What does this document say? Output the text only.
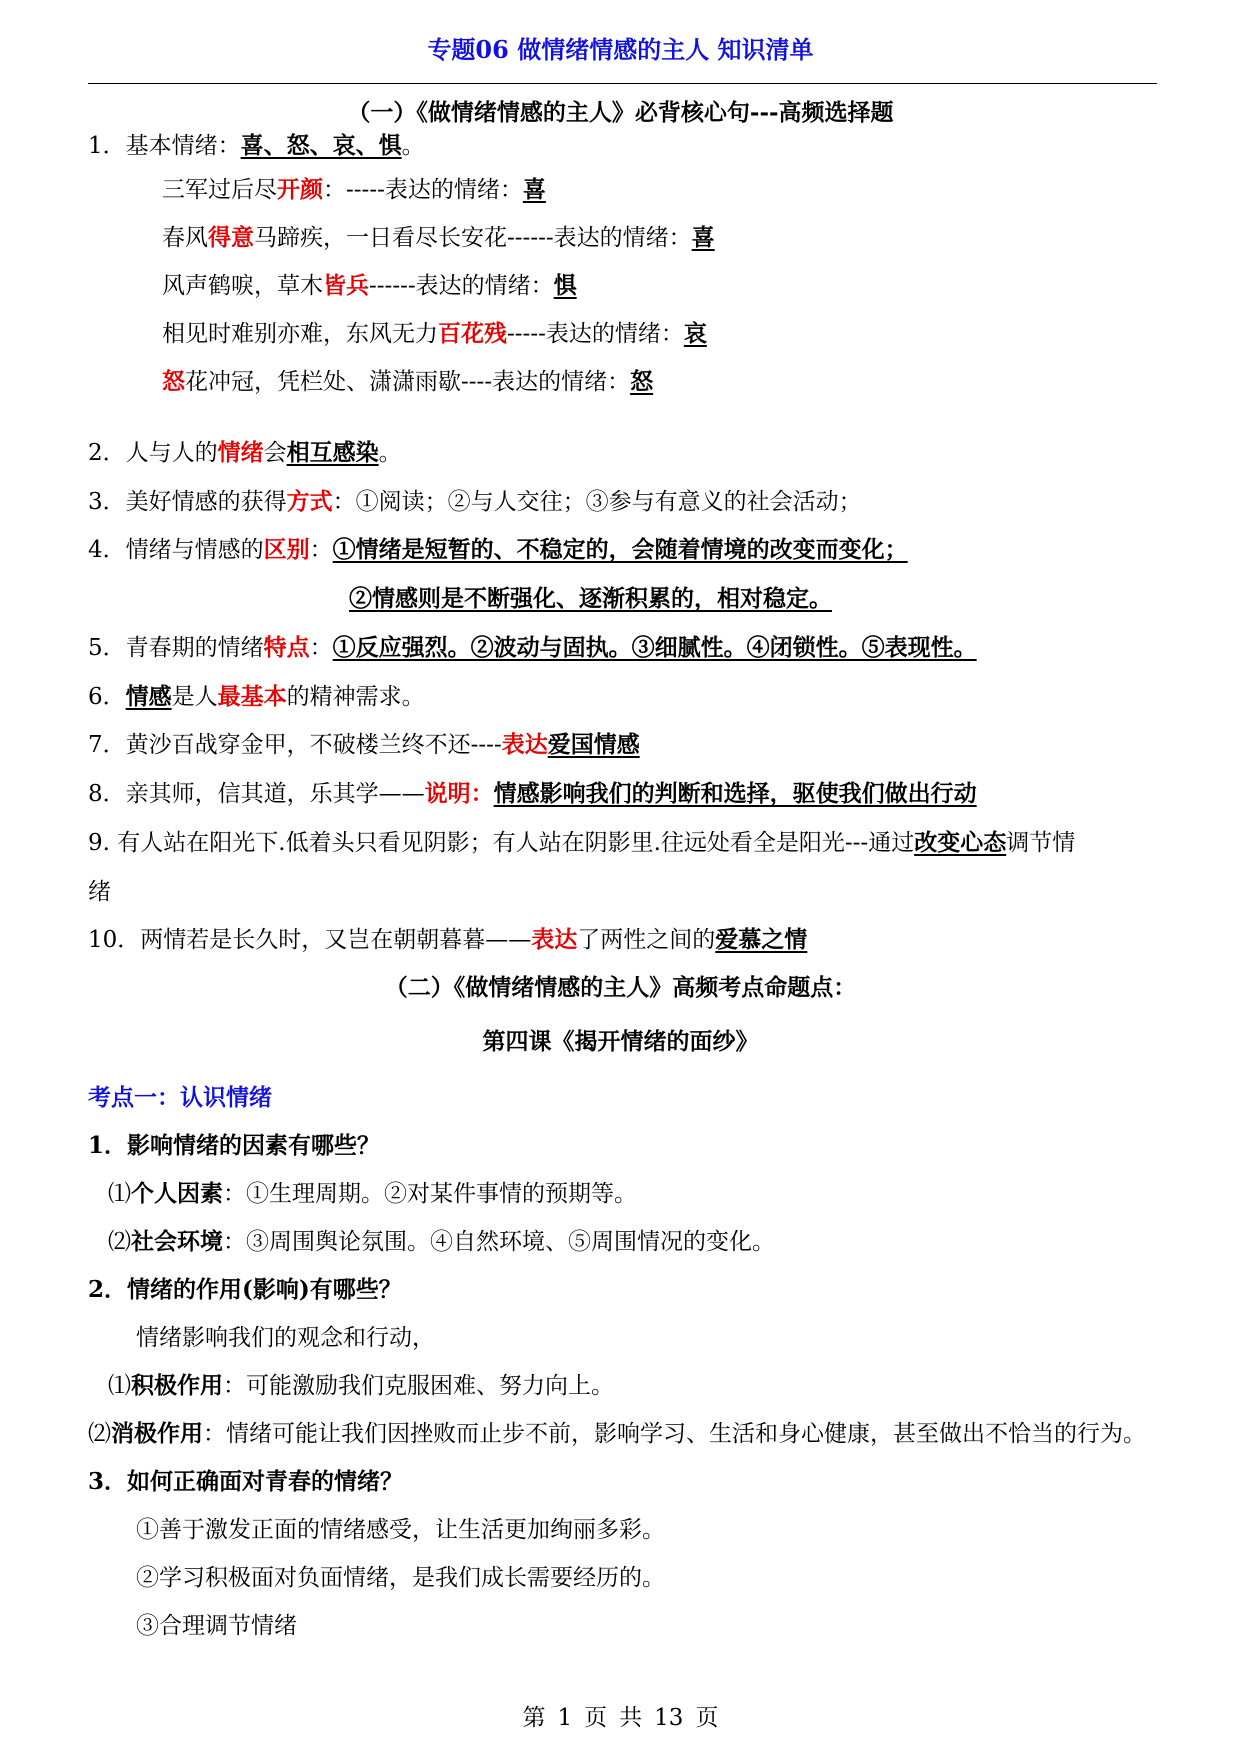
专题06 做情绪情感的主人 知识清单
（一）《做情绪情感的主人》必背核心句---高频选择题
1．基本情绪：喜、怒、哀、惧。
三军过后尽开颜：-----表达的情绪：喜
春风得意马蹄疾，一日看尽长安花------表达的情绪：喜
风声鹤唳，草木皆兵------表达的情绪：惧
相见时难别亦难，东风无力百花残-----表达的情绪：哀
怒花冲冠，凭栏处、潇潇雨歇----表达的情绪：怒
2．人与人的情绪会相互感染。
3．美好情感的获得方式：①阅读；②与人交往；③参与有意义的社会活动；
4．情绪与情感的区别：①情绪是短暂的、不稳定的，会随着情境的改变而变化；
②情感则是不断强化、逐渐积累的，相对稳定。
5．青春期的情绪特点：①反应强烈。②波动与固执。③细腻性。④闭锁性。⑤表现性。
6．情感是人最基本的精神需求。
7．黄沙百战穿金甲，不破楼兰终不还----表达爱国情感
8．亲其师，信其道，乐其学——说明：情感影响我们的判断和选择，驱使我们做出行动
9. 有人站在阳光下.低着头只看见阴影；有人站在阴影里.往远处看全是阳光---通过改变心态调节情
绪
10．两情若是长久时，又岂在朝朝暮暮——表达了两性之间的爱慕之情
（二）《做情绪情感的主人》高频考点命题点：
第四课《揭开情绪的面纱》
考点一：认识情绪
1．影响情绪的因素有哪些？
⑴个人因素：①生理周期。②对某件事情的预期等。
⑵社会环境：③周围舆论氛围。④自然环境、⑤周围情况的变化。
2．情绪的作用(影响)有哪些？
情绪影响我们的观念和行动，
⑴积极作用：可能激励我们克服困难、努力向上。
⑵消极作用：情绪可能让我们因挫败而止步不前，影响学习、生活和身心健康，甚至做出不恰当的行为。
3．如何正确面对青春的情绪？
①善于激发正面的情绪感受，让生活更加绚丽多彩。
②学习积极面对负面情绪，是我们成长需要经历的。
③合理调节情绪
第 1 页 共 13 页
